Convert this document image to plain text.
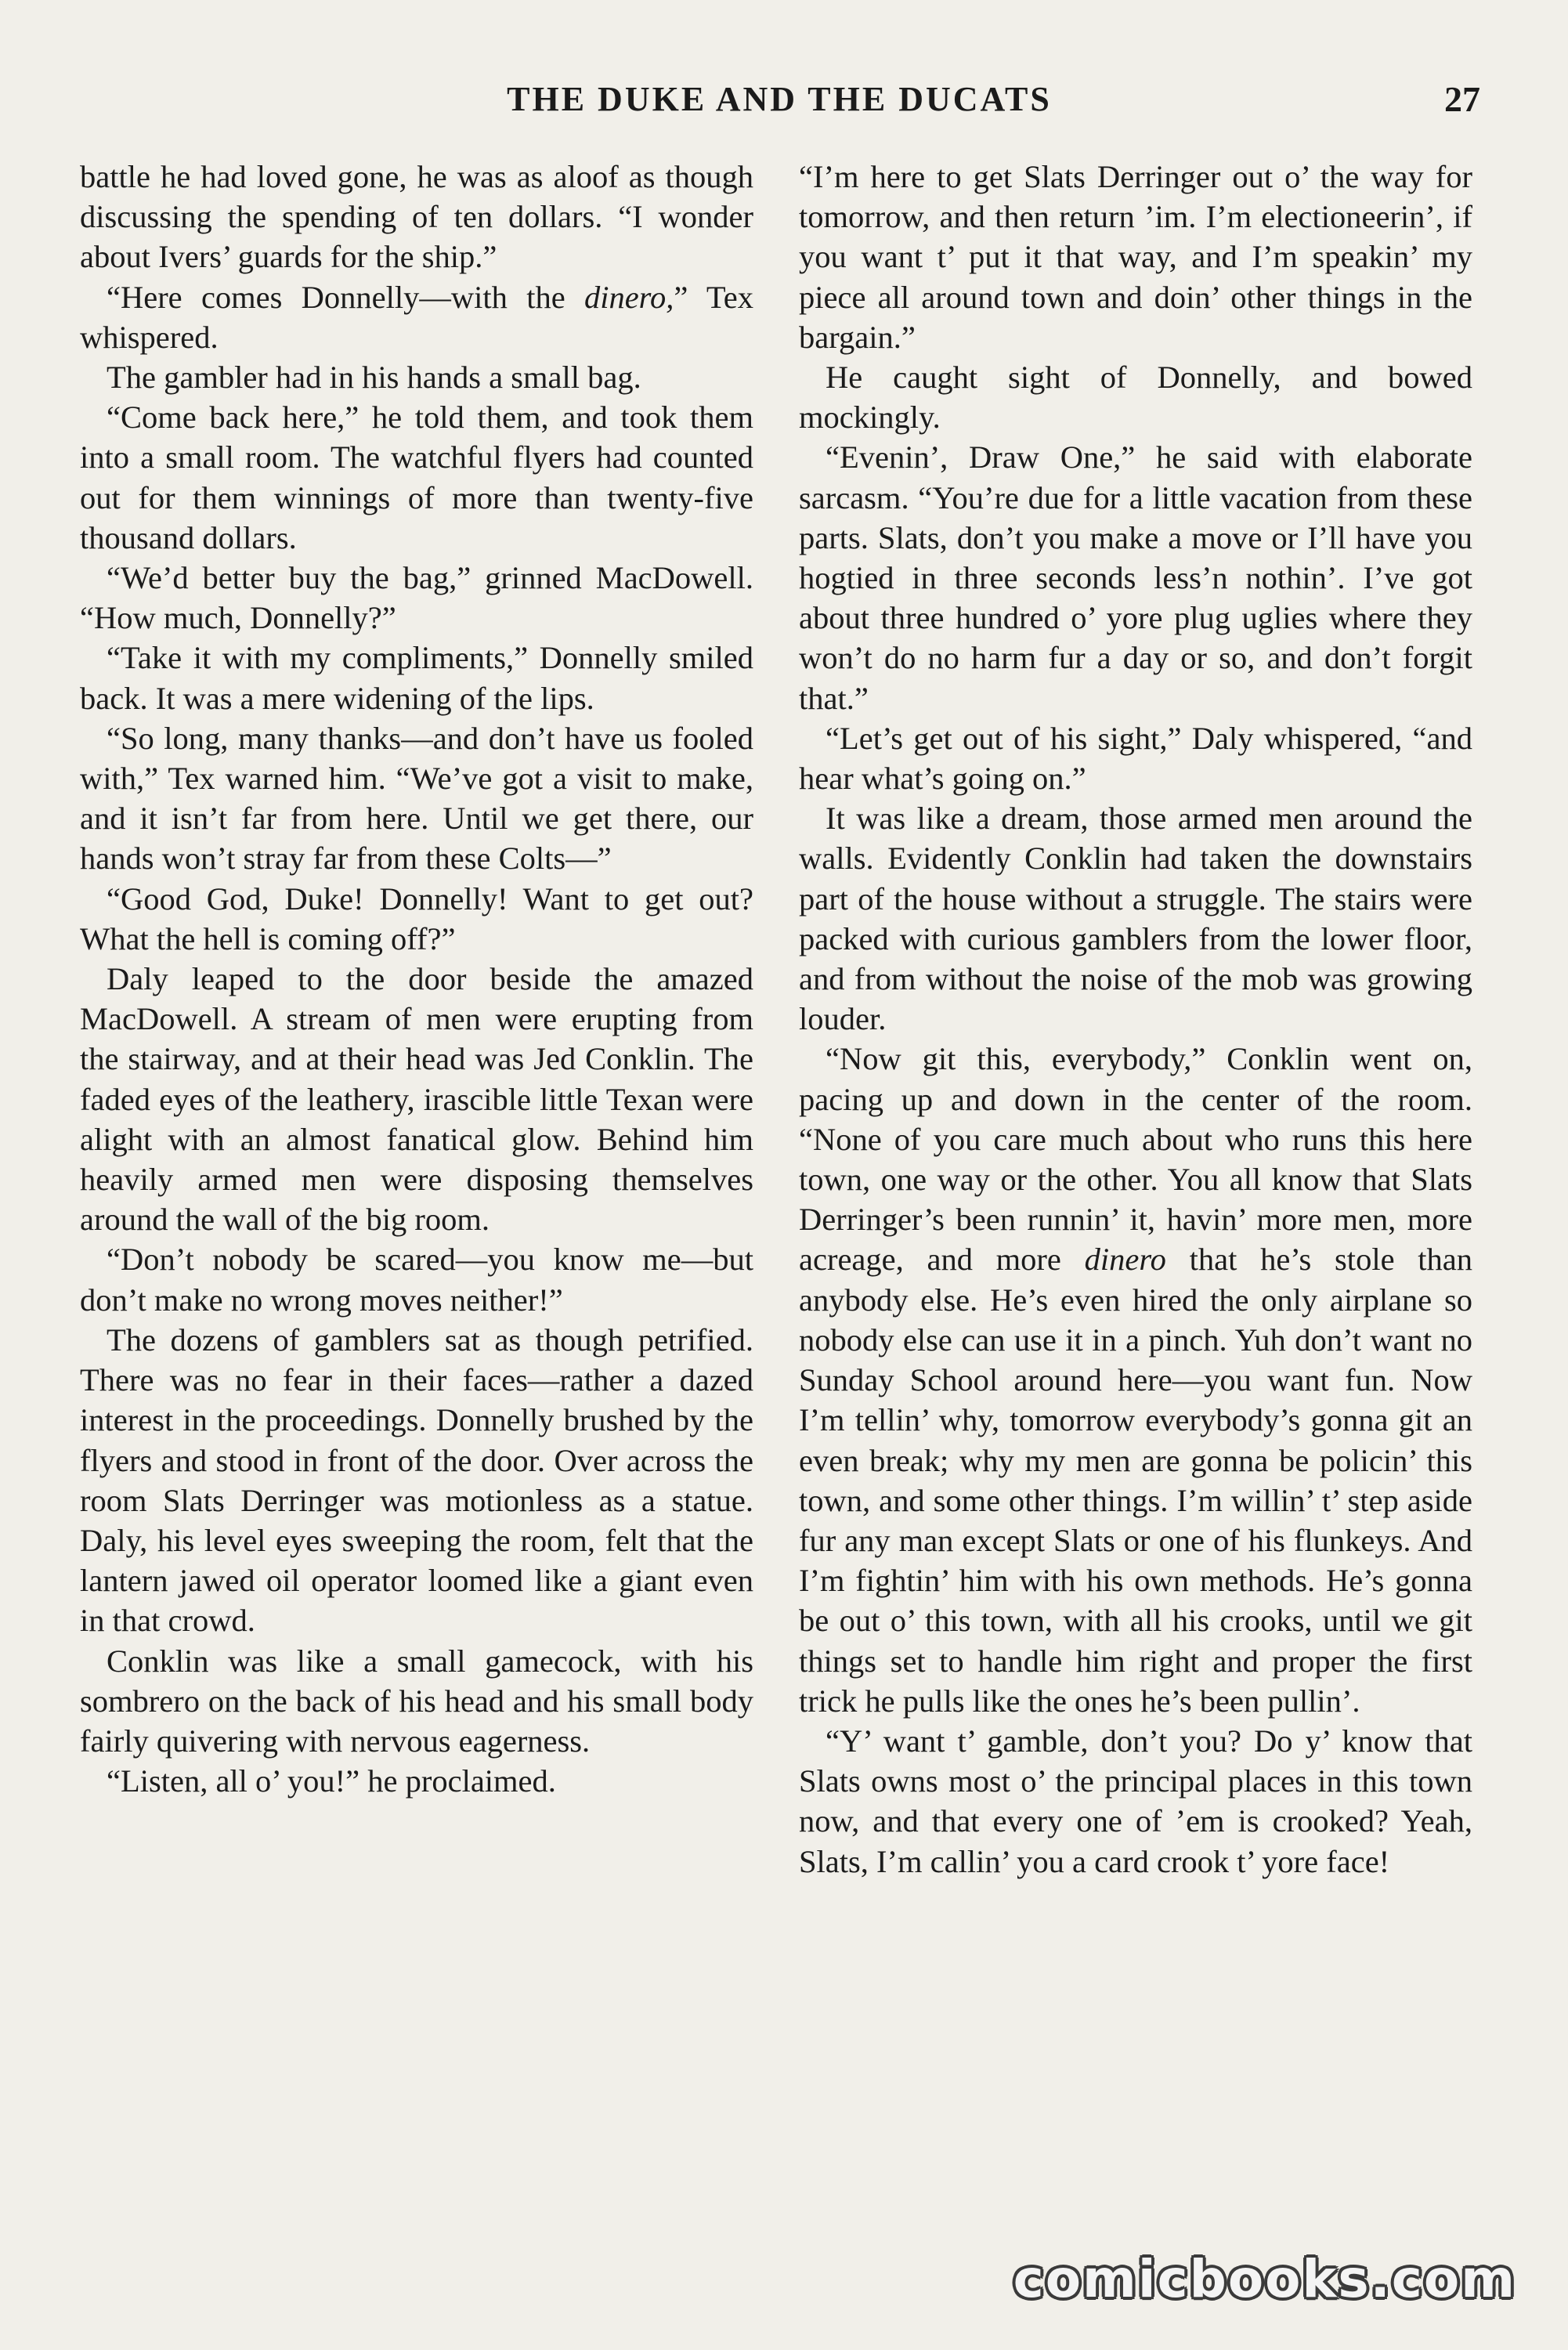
THE DUKE AND THE DUCATS	27

battle he had loved gone, he was as aloof as though discussing the spending of ten dollars. “I wonder about Ivers’ guards for the ship.”

“Here comes Donnelly—with the dinero,” Tex whispered.

The gambler had in his hands a small bag.

“Come back here,” he told them, and took them into a small room. The watchful flyers had counted out for them winnings of more than twenty-five thousand dollars.

“We’d better buy the bag,” grinned MacDowell. “How much, Donnelly?”

“Take it with my compliments,” Donnelly smiled back. It was a mere widening of the lips.

“So long, many thanks—and don’t have us fooled with,” Tex warned him. “We’ve got a visit to make, and it isn’t far from here. Until we get there, our hands won’t stray far from these Colts—”

“Good God, Duke! Donnelly! Want to get out? What the hell is coming off?”

Daly leaped to the door beside the amazed MacDowell. A stream of men were erupting from the stairway, and at their head was Jed Conklin. The faded eyes of the leathery, irascible little Texan were alight with an almost fanatical glow. Behind him heavily armed men were disposing themselves around the wall of the big room.

“Don’t nobody be scared—you know me—but don’t make no wrong moves neither!”

The dozens of gamblers sat as though petrified. There was no fear in their faces—rather a dazed interest in the proceedings. Donnelly brushed by the flyers and stood in front of the door. Over across the room Slats Derringer was motionless as a statue. Daly, his level eyes sweeping the room, felt that the lantern jawed oil operator loomed like a giant even in that crowd.

Conklin was like a small gamecock, with his sombrero on the back of his head and his small body fairly quivering with nervous eagerness.

“Listen, all o’ you!” he proclaimed.

“I’m here to get Slats Derringer out o’ the way for tomorrow, and then return ’im. I’m electioneerin’, if you want t’ put it that way, and I’m speakin’ my piece all around town and doin’ other things in the bargain.”

He caught sight of Donnelly, and bowed mockingly.

“Evenin’, Draw One,” he said with elaborate sarcasm. “You’re due for a little vacation from these parts. Slats, don’t you make a move or I’ll have you hogtied in three seconds less’n nothin’. I’ve got about three hundred o’ yore plug uglies where they won’t do no harm fur a day or so, and don’t forgit that.”

“Let’s get out of his sight,” Daly whispered, “and hear what’s going on.”

It was like a dream, those armed men around the walls. Evidently Conklin had taken the downstairs part of the house without a struggle. The stairs were packed with curious gamblers from the lower floor, and from without the noise of the mob was growing louder.

“Now git this, everybody,” Conklin went on, pacing up and down in the center of the room. “None of you care much about who runs this here town, one way or the other. You all know that Slats Derringer’s been runnin’ it, havin’ more men, more acreage, and more dinero that he’s stole than anybody else. He’s even hired the only airplane so nobody else can use it in a pinch. Yuh don’t want no Sunday School around here—you want fun. Now I’m tellin’ why, tomorrow everybody’s gonna git an even break; why my men are gonna be policin’ this town, and some other things. I’m willin’ t’ step aside fur any man except Slats or one of his flunkeys. And I’m fightin’ him with his own methods. He’s gonna be out o’ this town, with all his crooks, until we git things set to handle him right and proper the first trick he pulls like the ones he’s been pullin’.

“Y’ want t’ gamble, don’t you? Do y’ know that Slats owns most o’ the principal places in this town now, and that every one of ’em is crooked? Yeah, Slats, I’m callin’ you a card crook t’ yore face!

comicbooks.com
